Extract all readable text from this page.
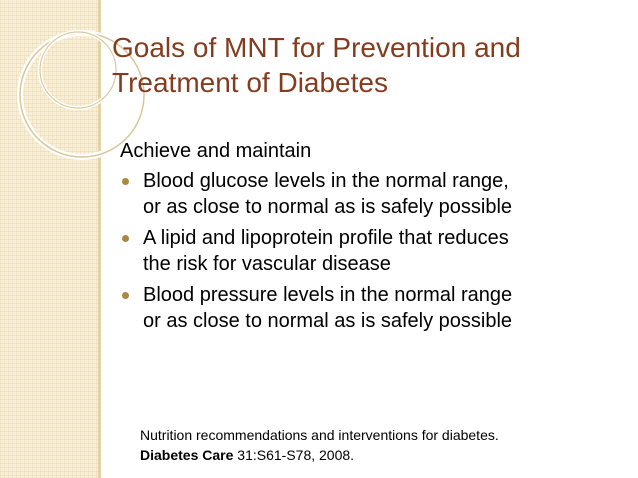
Goals of MNT for Prevention and
Treatment of Diabetes

Achieve and maintain

Blood glucose levels in the normal range,
or as close to normal as is safely possible
A lipid and lipoprotein profile that reduces
the risk for vascular disease
Blood pressure levels in the normal range
or as close to normal as is safely possible
Nutrition recommendations and interventions for diabetes.
Diabetes Care 31:S61-S78, 2008.
